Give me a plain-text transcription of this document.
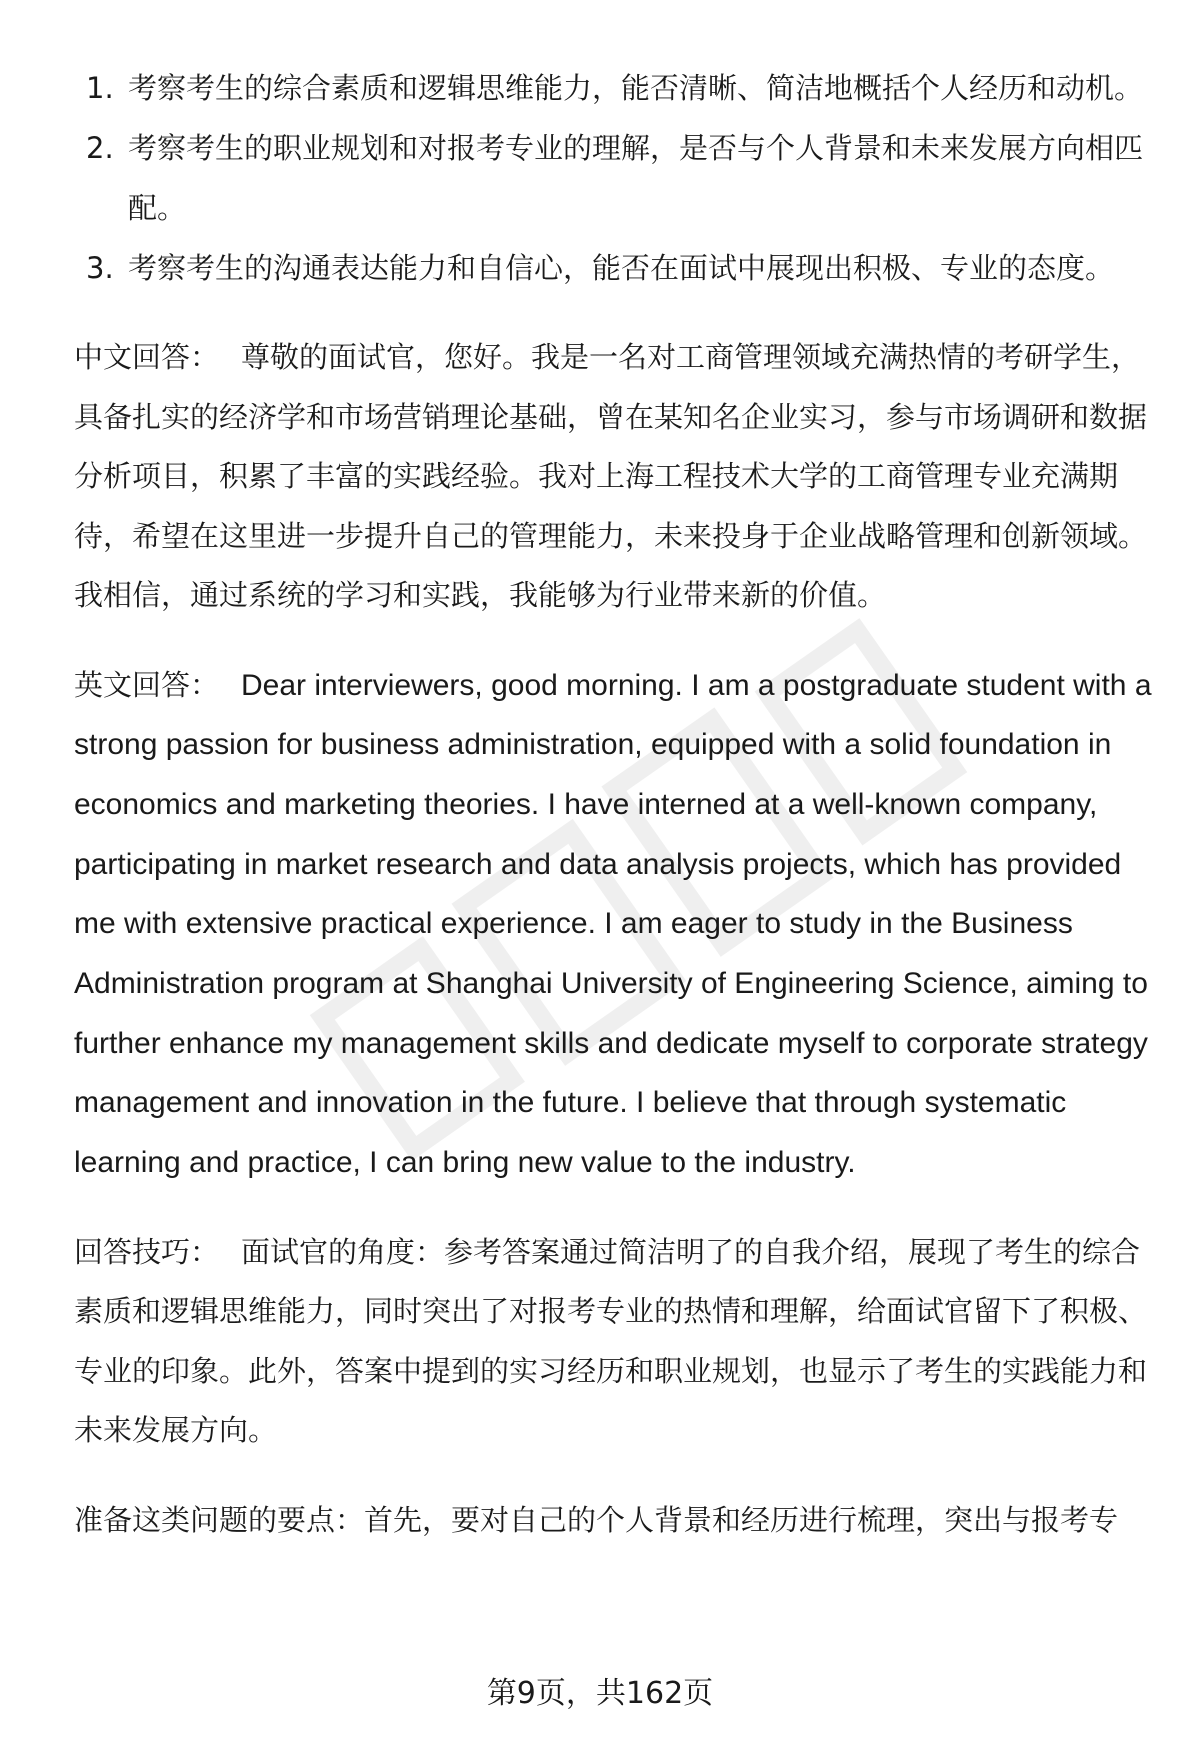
1. 考察考生的综合素质和逻辑思维能力，能否清晰、简洁地概括个人经历和动机。
2. 考察考生的职业规划和对报考专业的理解，是否与个人背景和未来发展方向相匹配。
3. 考察考生的沟通表达能力和自信心，能否在面试中展现出积极、专业的态度。

中文回答： 尊敬的面试官，您好。我是一名对工商管理领域充满热情的考研学生，具备扎实的经济学和市场营销理论基础，曾在某知名企业实习，参与市场调研和数据分析项目，积累了丰富的实践经验。我对上海工程技术大学的工商管理专业充满期待，希望在这里进一步提升自己的管理能力，未来投身于企业战略管理和创新领域。我相信，通过系统的学习和实践，我能够为行业带来新的价值。

英文回答： Dear interviewers, good morning. I am a postgraduate student with a strong passion for business administration, equipped with a solid foundation in economics and marketing theories. I have interned at a well-known company, participating in market research and data analysis projects, which has provided me with extensive practical experience. I am eager to study in the Business Administration program at Shanghai University of Engineering Science, aiming to further enhance my management skills and dedicate myself to corporate strategy management and innovation in the future. I believe that through systematic learning and practice, I can bring new value to the industry.

回答技巧： 面试官的角度：参考答案通过简洁明了的自我介绍，展现了考生的综合素质和逻辑思维能力，同时突出了对报考专业的热情和理解，给面试官留下了积极、专业的印象。此外，答案中提到的实习经历和职业规划，也显示了考生的实践能力和未来发展方向。

准备这类问题的要点：首先，要对自己的个人背景和经历进行梳理，突出与报考专

第9页，共162页
